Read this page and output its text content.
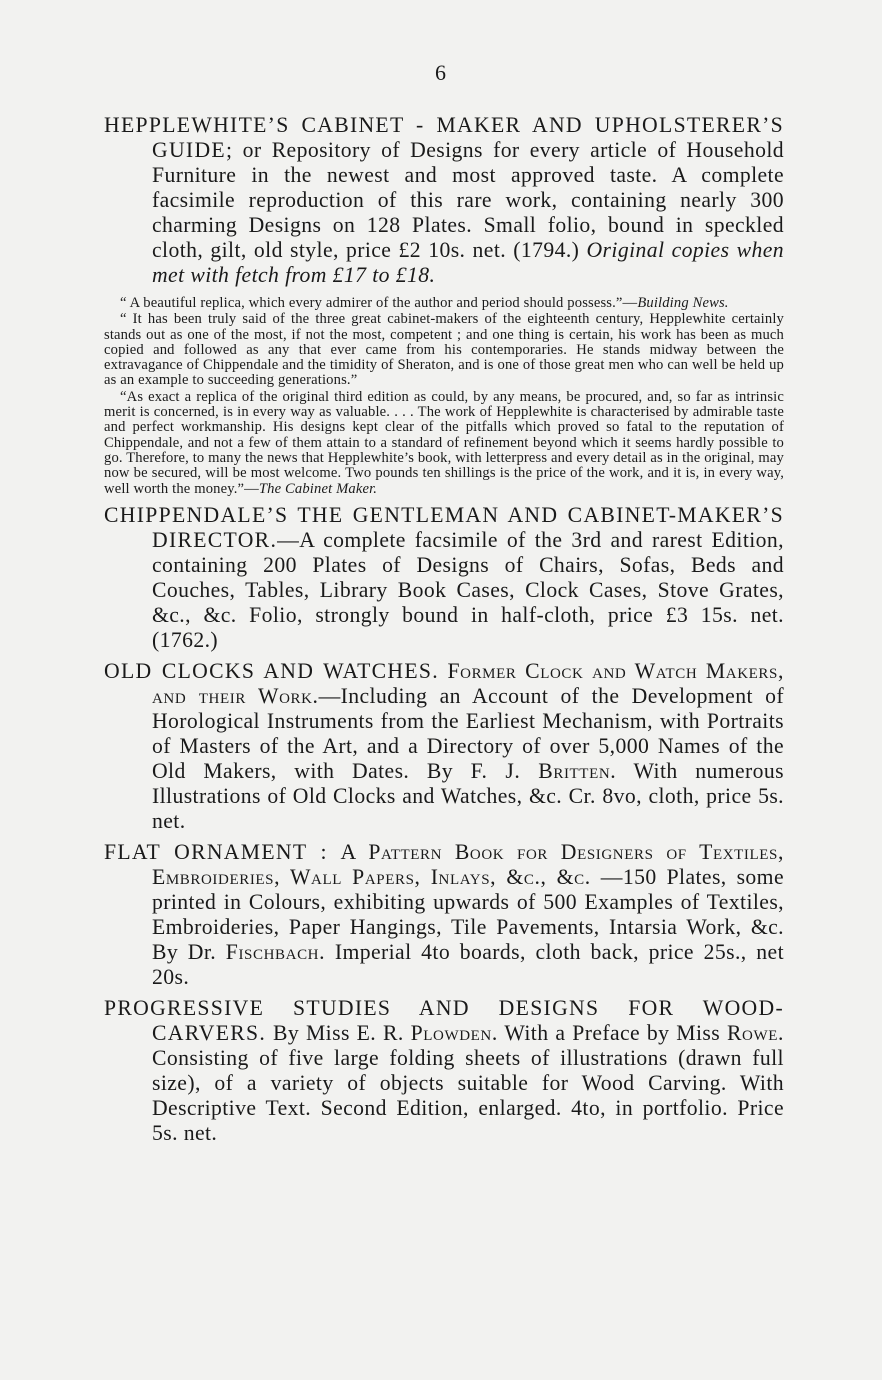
6

HEPPLEWHITE’S CABINET - MAKER AND UPHOLSTERER’S GUIDE; or Repository of Designs for every article of Household Furniture in the newest and most approved taste. A complete facsimile reproduction of this rare work, containing nearly 300 charming Designs on 128 Plates. Small folio, bound in speckled cloth, gilt, old style, price £2 10s. net. (1794.) Original copies when met with fetch from £17 to £18.

“ A beautiful replica, which every admirer of the author and period should possess.”—Building News.

“ It has been truly said of the three great cabinet-makers of the eighteenth century, Hepplewhite certainly stands out as one of the most, if not the most, competent ; and one thing is certain, his work has been as much copied and followed as any that ever came from his contemporaries. He stands midway between the extravagance of Chippendale and the timidity of Sheraton, and is one of those great men who can well be held up as an example to succeeding generations.”

“As exact a replica of the original third edition as could, by any means, be procured, and, so far as intrinsic merit is concerned, is in every way as valuable. . . . The work of Hepplewhite is characterised by admirable taste and perfect workmanship. His designs kept clear of the pitfalls which proved so fatal to the reputation of Chippendale, and not a few of them attain to a standard of refinement beyond which it seems hardly possible to go. Therefore, to many the news that Hepplewhite’s book, with letterpress and every detail as in the original, may now be secured, will be most welcome. Two pounds ten shillings is the price of the work, and it is, in every way, well worth the money.”—The Cabinet Maker.

CHIPPENDALE’S THE GENTLEMAN AND CABINET-MAKER’S DIRECTOR.—A complete facsimile of the 3rd and rarest Edition, containing 200 Plates of Designs of Chairs, Sofas, Beds and Couches, Tables, Library Book Cases, Clock Cases, Stove Grates, &c., &c. Folio, strongly bound in half-cloth, price £3 15s. net. (1762.)

OLD CLOCKS AND WATCHES. Former Clock and Watch Makers, and their Work.—Including an Account of the Development of Horological Instruments from the Earliest Mechanism, with Portraits of Masters of the Art, and a Directory of over 5,000 Names of the Old Makers, with Dates. By F. J. Britten. With numerous Illustrations of Old Clocks and Watches, &c. Cr. 8vo, cloth, price 5s. net.

FLAT ORNAMENT : A Pattern Book for Designers of Textiles, Embroideries, Wall Papers, Inlays, &c., &c. —150 Plates, some printed in Colours, exhibiting upwards of 500 Examples of Textiles, Embroideries, Paper Hangings, Tile Pavements, Intarsia Work, &c. By Dr. Fischbach. Imperial 4to boards, cloth back, price 25s., net 20s.

PROGRESSIVE STUDIES AND DESIGNS FOR WOOD-CARVERS. By Miss E. R. Plowden. With a Preface by Miss Rowe. Consisting of five large folding sheets of illustrations (drawn full size), of a variety of objects suitable for Wood Carving. With Descriptive Text. Second Edition, enlarged. 4to, in portfolio. Price 5s. net.
